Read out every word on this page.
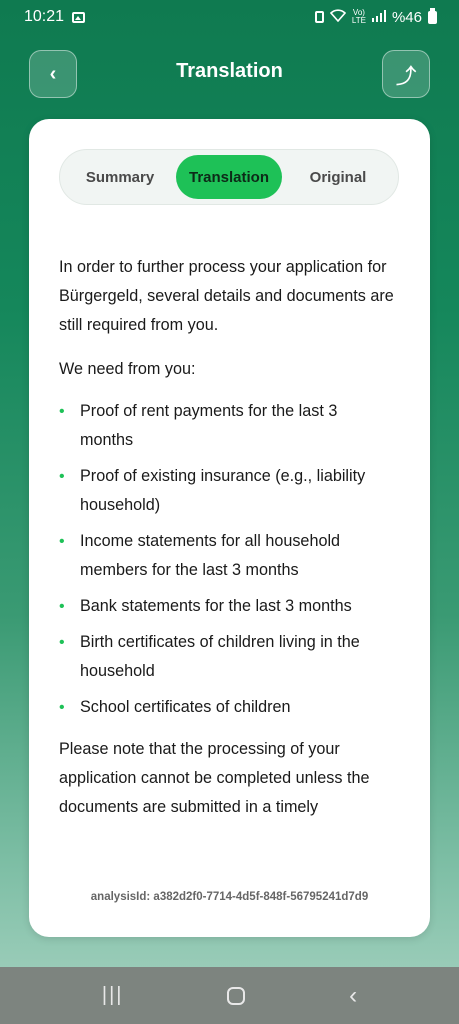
10:21	Vo)
LTE %46
‹	Translation	⤴
Summary	Translation	Original

In order to further process your application for Bürgergeld, several details and documents are still required from you.

We need from you:

• Proof of rent payments for the last 3
months
• Proof of existing insurance (e.g., liability
household)
• Income statements for all household
members for the last 3 months
• Bank statements for the last 3 months
• Birth certificates of children living in the
household
• School certificates of children

Please note that the processing of your application cannot be completed unless the documents are submitted in a timely

analysisId: a382d2f0-7714-4d5f-848f-56795241d7d9
|||	‹
